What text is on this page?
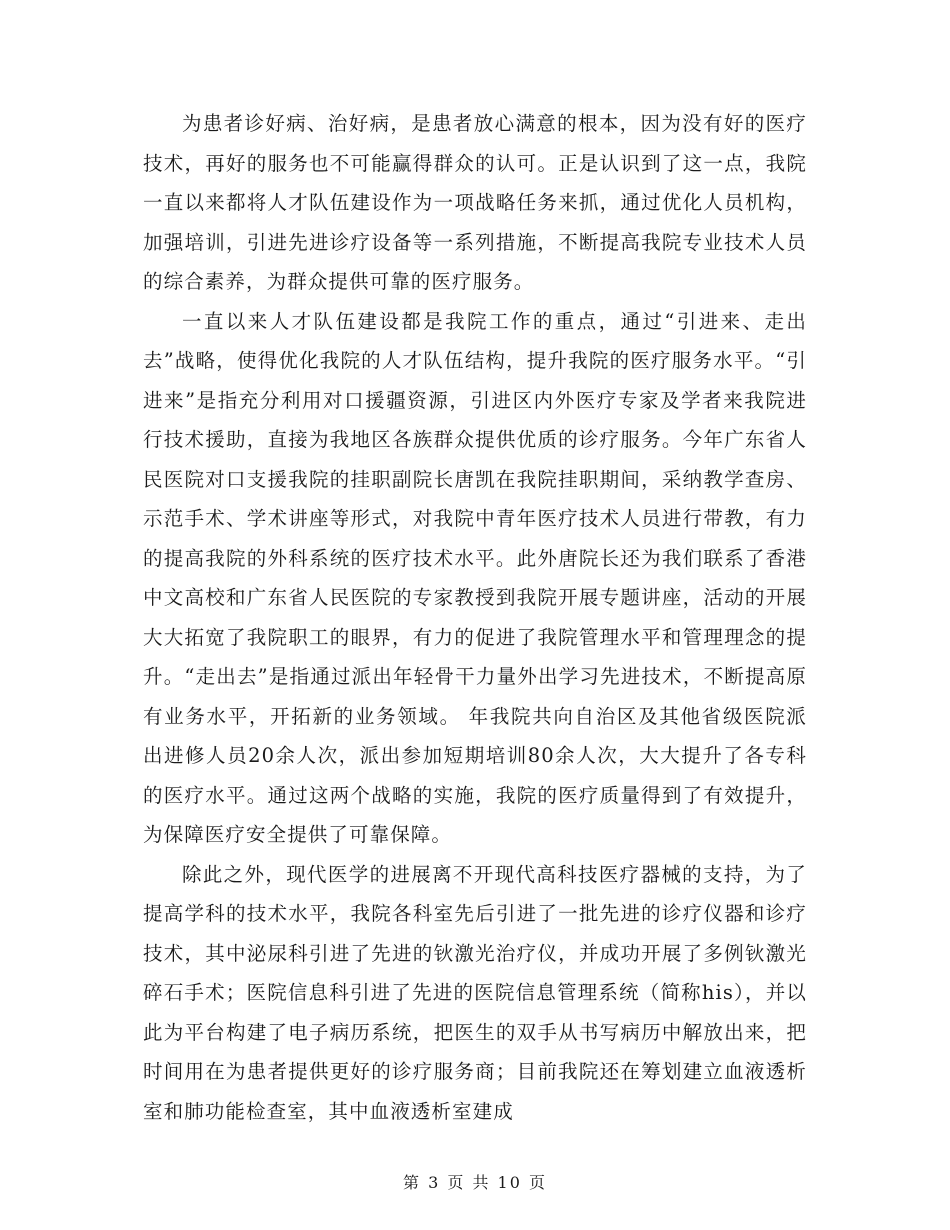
为患者诊好病、治好病，是患者放心满意的根本，因为没有好的医疗技术，再好的服务也不可能赢得群众的认可。正是认识到了这一点，我院一直以来都将人才队伍建设作为一项战略任务来抓，通过优化人员机构，加强培训，引进先进诊疗设备等一系列措施，不断提高我院专业技术人员的综合素养，为群众提供可靠的医疗服务。

一直以来人才队伍建设都是我院工作的重点，通过“引进来、走出去”战略，使得优化我院的人才队伍结构，提升我院的医疗服务水平。“引进来”是指充分利用对口援疆资源，引进区内外医疗专家及学者来我院进行技术援助，直接为我地区各族群众提供优质的诊疗服务。今年广东省人民医院对口支援我院的挂职副院长唐凯在我院挂职期间，采纳教学查房、示范手术、学术讲座等形式，对我院中青年医疗技术人员进行带教，有力的提高我院的外科系统的医疗技术水平。此外唐院长还为我们联系了香港中文高校和广东省人民医院的专家教授到我院开展专题讲座，活动的开展大大拓宽了我院职工的眼界，有力的促进了我院管理水平和管理理念的提升。“走出去”是指通过派出年轻骨干力量外出学习先进技术，不断提高原有业务水平，开拓新的业务领域。 年我院共向自治区及其他省级医院派出进修人员20余人次，派出参加短期培训80余人次，大大提升了各专科的医疗水平。通过这两个战略的实施，我院的医疗质量得到了有效提升，为保障医疗安全提供了可靠保障。

除此之外，现代医学的进展离不开现代高科技医疗器械的支持，为了提高学科的技术水平，我院各科室先后引进了一批先进的诊疗仪器和诊疗技术，其中泌尿科引进了先进的钬激光治疗仪，并成功开展了多例钬激光碎石手术；医院信息科引进了先进的医院信息管理系统（简称his），并以此为平台构建了电子病历系统，把医生的双手从书写病历中解放出来，把时间用在为患者提供更好的诊疗服务商；目前我院还在筹划建立血液透析室和肺功能检查室，其中血液透析室建成

第 3 页 共 10 页
